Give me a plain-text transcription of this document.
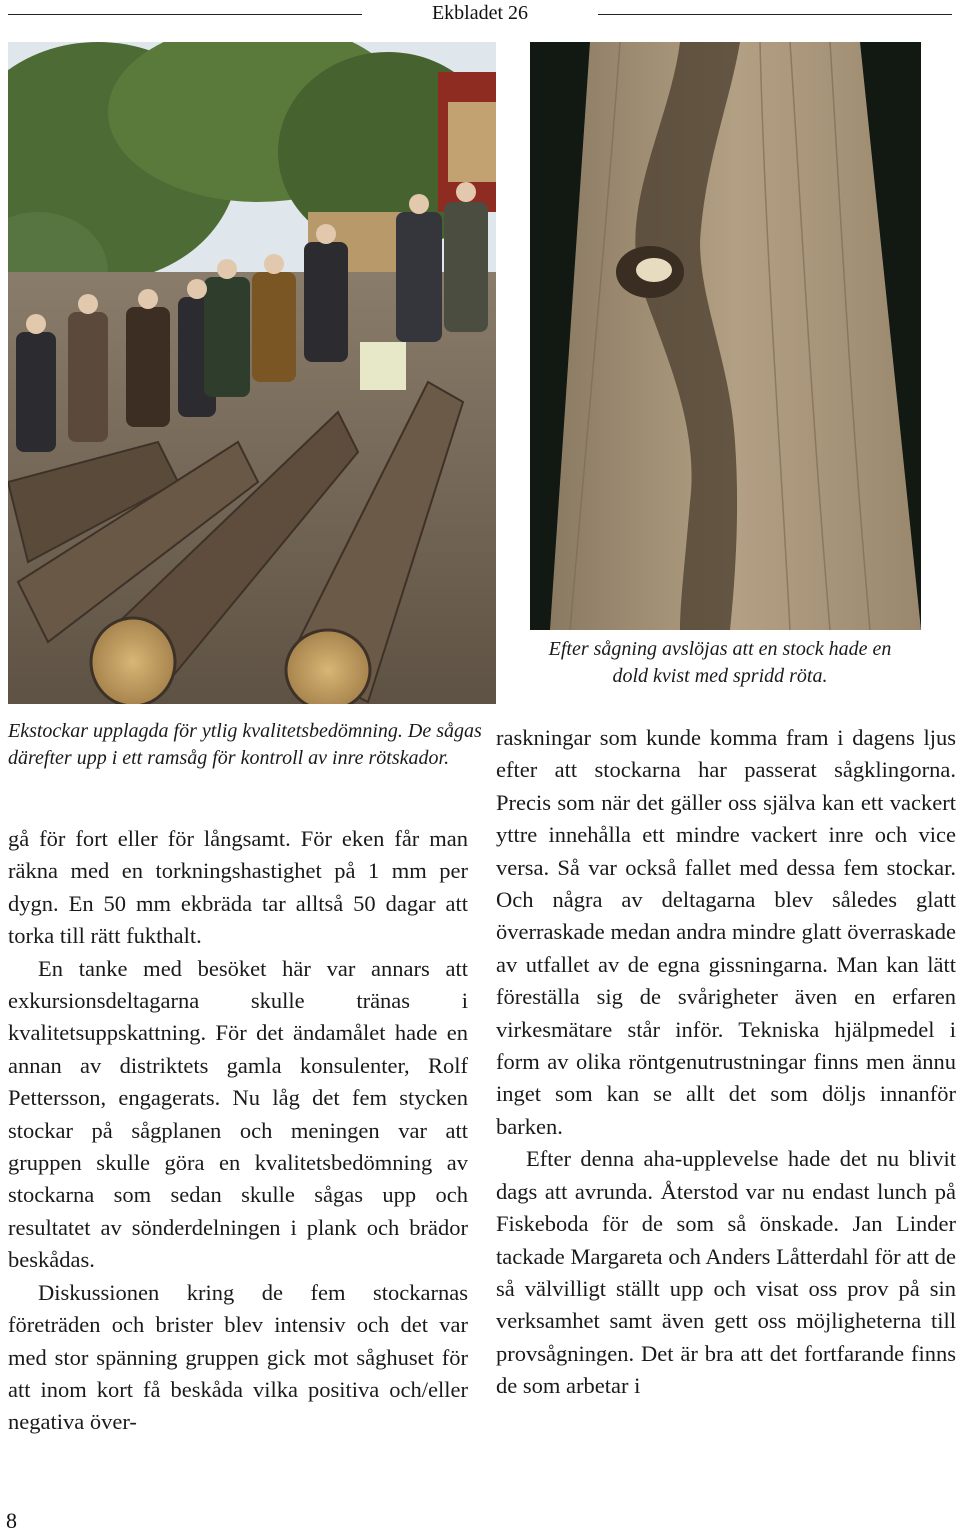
Ekbladet 26
Ekstockar upplagda för ytlig kvalitetsbedömning. De sågas därefter upp i ett ramsåg för kontroll av inre rötskador.
Efter sågning avslöjas att en stock hade en dold kvist med spridd röta.

gå för fort eller för långsamt. För eken får man räkna med en torkningshastighet på 1 mm per dygn. En 50 mm ekbräda tar alltså 50 dagar att torka till rätt fukthalt.

En tanke med besöket här var annars att exkursionsdeltagarna skulle tränas i kvalitetsuppskattning. För det ändamålet hade en annan av distriktets gamla konsulenter, Rolf Pettersson, engagerats. Nu låg det fem stycken stockar på sågplanen och meningen var att gruppen skulle göra en kvalitetsbedömning av stockarna som sedan skulle sågas upp och resultatet av sönderdelningen i plank och brädor beskådas.

Diskussionen kring de fem stockarnas företräden och brister blev intensiv och det var med stor spänning gruppen gick mot såghuset för att inom kort få beskåda vilka positiva och/eller negativa över-

raskningar som kunde komma fram i dagens ljus efter att stockarna har passerat sågklingorna. Precis som när det gäller oss själva kan ett vackert yttre innehålla ett mindre vackert inre och vice versa. Så var också fallet med dessa fem stockar. Och några av deltagarna blev således glatt överraskade medan andra mindre glatt överraskade av utfallet av de egna gissningarna. Man kan lätt föreställa sig de svårigheter även en erfaren virkesmätare står inför. Tekniska hjälpmedel i form av olika röntgenutrustningar finns men ännu inget som kan se allt det som döljs innanför barken.

Efter denna aha-upplevelse hade det nu blivit dags att avrunda. Återstod var nu endast lunch på Fiskeboda för de som så önskade. Jan Linder tackade Margareta och Anders Låtterdahl för att de så välvilligt ställt upp och visat oss prov på sin verksamhet samt även gett oss möjligheterna till provsågningen. Det är bra att det fortfarande finns de som arbetar i

8
